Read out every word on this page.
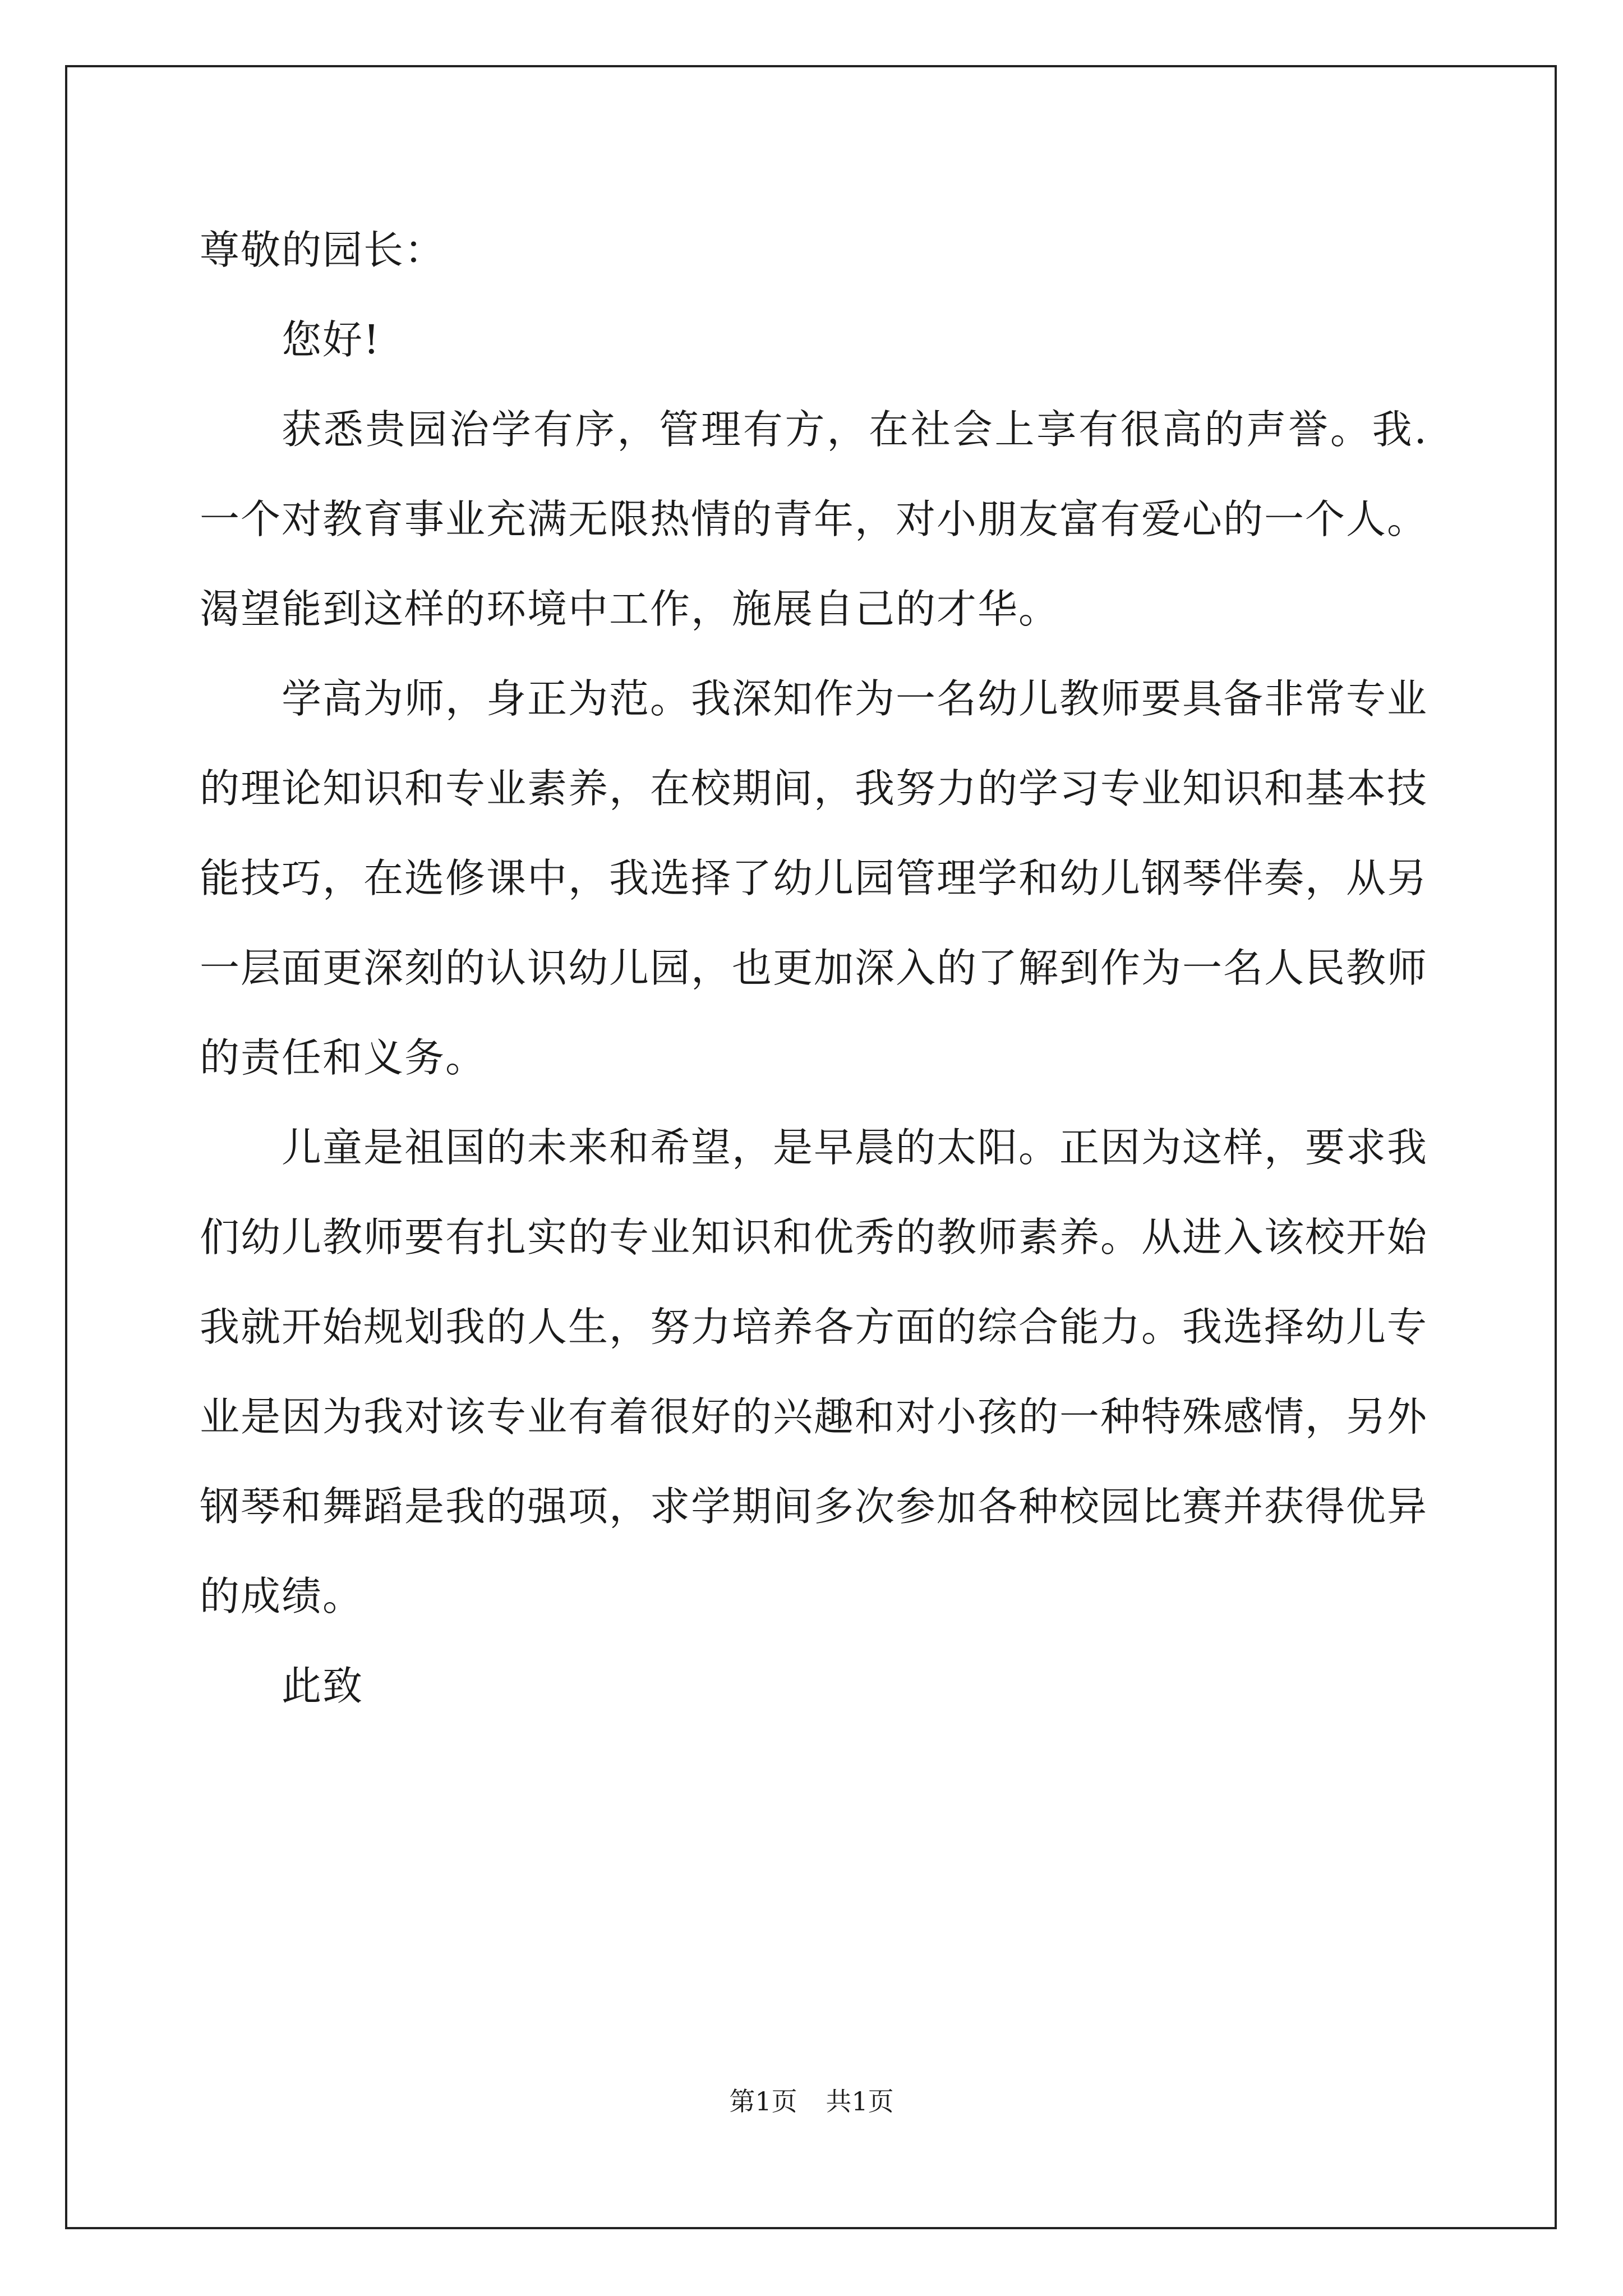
尊敬的园长：

您好!

获悉贵园治学有序，管理有方，在社会上享有很高的声誉。我.一个对教育事业充满无限热情的青年，对小朋友富有爱心的一个人。渴望能到这样的环境中工作，施展自己的才华。

学高为师，身正为范。我深知作为一名幼儿教师要具备非常专业的理论知识和专业素养，在校期间，我努力的学习专业知识和基本技能技巧，在选修课中，我选择了幼儿园管理学和幼儿钢琴伴奏，从另一层面更深刻的认识幼儿园，也更加深入的了解到作为一名人民教师的责任和义务。

儿童是祖国的未来和希望，是早晨的太阳。正因为这样，要求我们幼儿教师要有扎实的专业知识和优秀的教师素养。从进入该校开始我就开始规划我的人生，努力培养各方面的综合能力。我选择幼儿专业是因为我对该专业有着很好的兴趣和对小孩的一种特殊感情，另外钢琴和舞蹈是我的强项，求学期间多次参加各种校园比赛并获得优异的成绩。

此致

第1页 共1页
